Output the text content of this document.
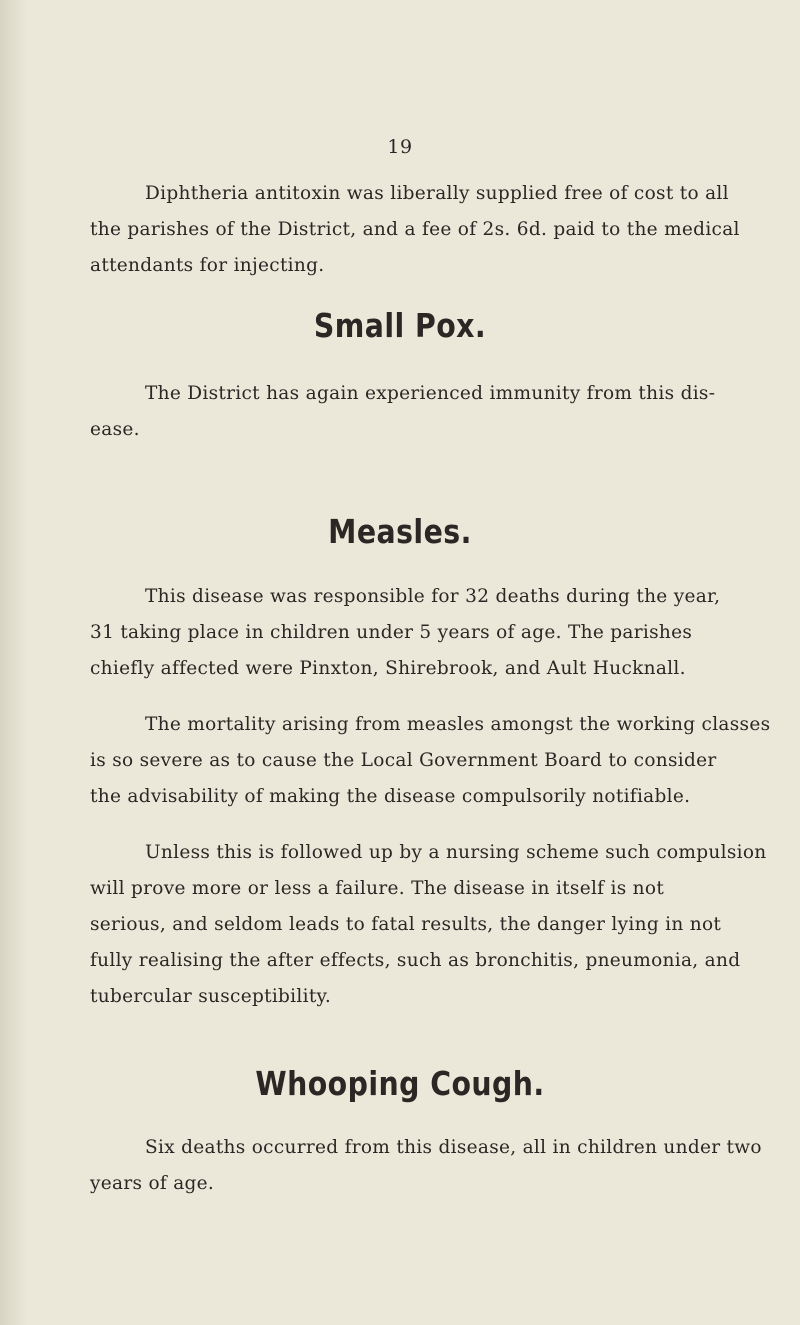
19

Diphtheria antitoxin was liberally supplied free of cost to all
the parishes of the District, and a fee of 2s. 6d. paid to the medical
attendants for injecting.

Small Pox.

The District has again experienced immunity from this dis-
ease.

Measles.

This disease was responsible for 32 deaths during the year,
31 taking place in children under 5 years of age. The parishes
chiefly affected were Pinxton, Shirebrook, and Ault Hucknall.

The mortality arising from measles amongst the working classes
is so severe as to cause the Local Government Board to consider
the advisability of making the disease compulsorily notifiable.

Unless this is followed up by a nursing scheme such compulsion
will prove more or less a failure. The disease in itself is not
serious, and seldom leads to fatal results, the danger lying in not
fully realising the after effects, such as bronchitis, pneumonia, and
tubercular susceptibility.

Whooping Cough.

Six deaths occurred from this disease, all in children under two
years of age.
